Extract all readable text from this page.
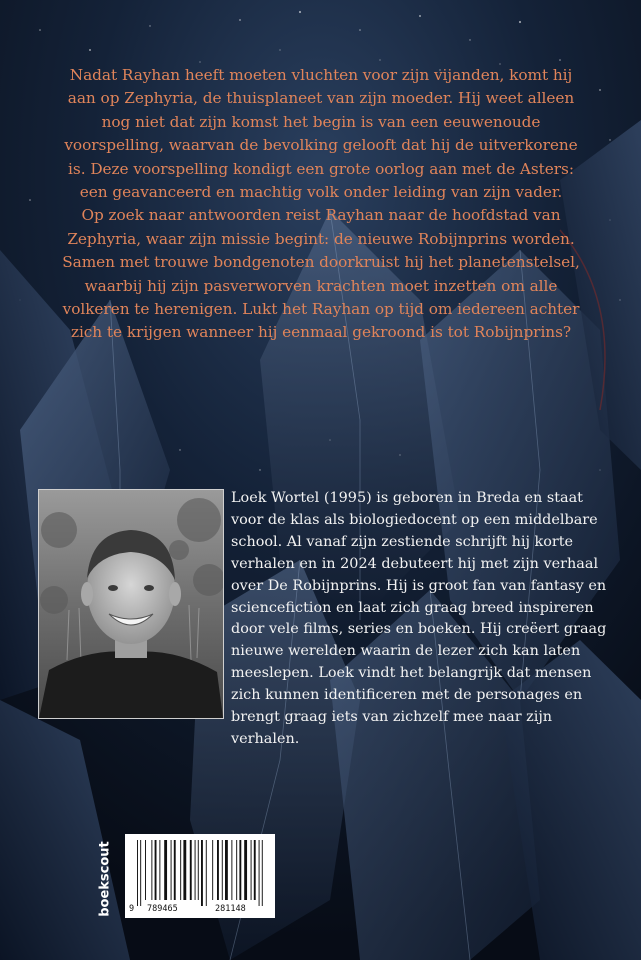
Nadat Rayhan heeft moeten vluchten voor zijn vijanden, komt hij aan op Zephyria, de thuisplaneet van zijn moeder. Hij weet alleen nog niet dat zijn komst het begin is van een eeuwenoude voorspelling, waarvan de bevolking gelooft dat hij de uitverkorene is. Deze voorspelling kondigt een grote oorlog aan met de Asters: een geavanceerd en machtig volk onder leiding van zijn vader.

Op zoek naar antwoorden reist Rayhan naar de hoofdstad van Zephyria, waar zijn missie begint: de nieuwe Robijnprins worden. Samen met trouwe bondgenoten doorkruist hij het planetenstelsel, waarbij hij zijn pasverworven krachten moet inzetten om alle volkeren te herenigen. Lukt het Rayhan op tijd om iedereen achter zich te krijgen wanneer hij eenmaal gekroond is tot Robijnprins?

Loek Wortel (1995) is geboren in Breda en staat voor de klas als biologiedocent op een middelbare school. Al vanaf zijn zestiende schrijft hij korte verhalen en in 2024 debuteert hij met zijn verhaal over De Robijnprins. Hij is groot fan van fantasy en sciencefiction en laat zich graag breed inspireren door vele films, series en boeken. Hij creëert graag nieuwe werelden waarin de lezer zich kan laten meeslepen. Loek vindt het belangrijk dat mensen zich kunnen identificeren met de personages en brengt graag iets van zichzelf mee naar zijn verhalen.

boekscout 9 789465	281148
